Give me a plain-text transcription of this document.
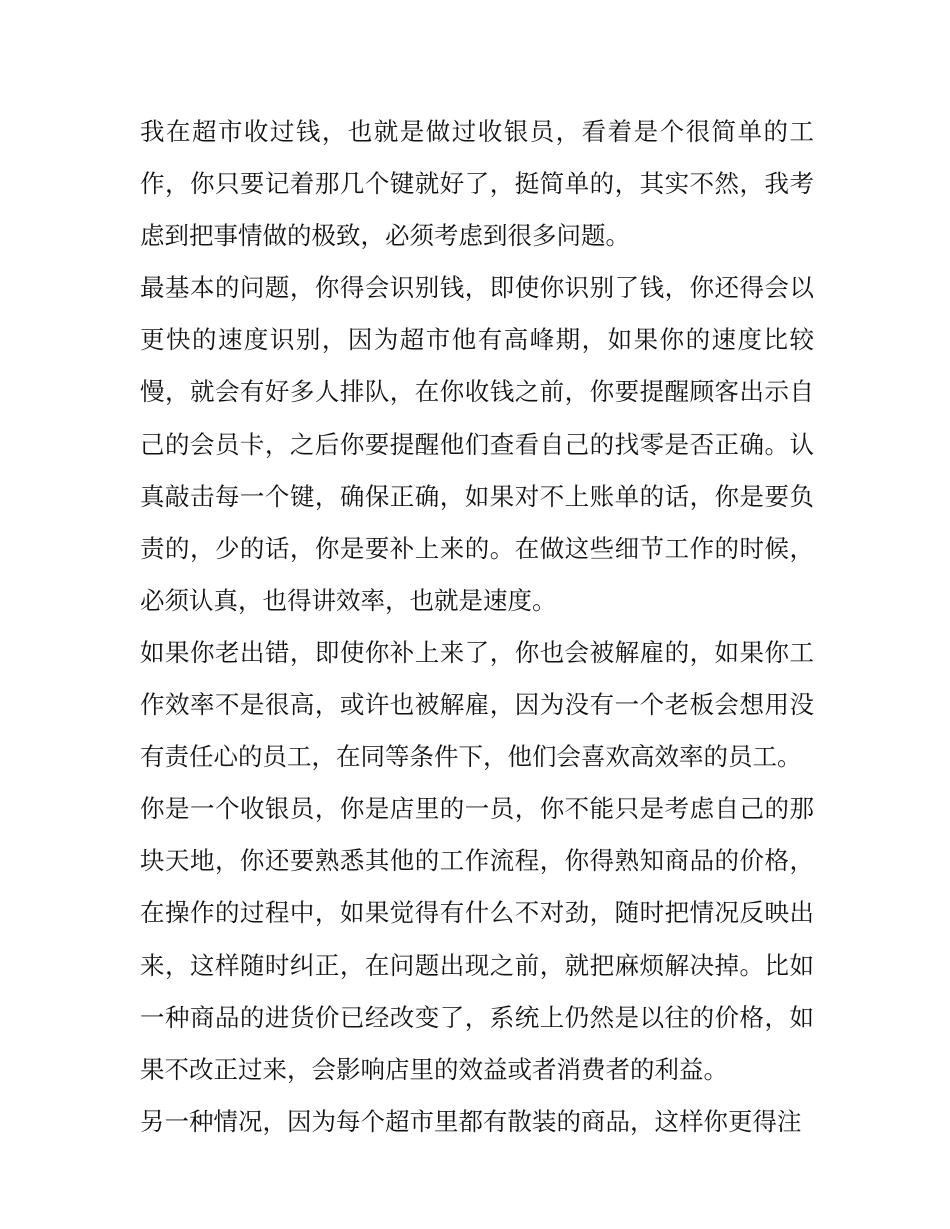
我在超市收过钱，也就是做过收银员，看着是个很简单的工作，你只要记着那几个键就好了，挺简单的，其实不然，我考虑到把事情做的极致，必须考虑到很多问题。

最基本的问题，你得会识别钱，即使你识别了钱，你还得会以更快的速度识别，因为超市他有高峰期，如果你的速度比较慢，就会有好多人排队，在你收钱之前，你要提醒顾客出示自己的会员卡，之后你要提醒他们查看自己的找零是否正确。认真敲击每一个键，确保正确，如果对不上账单的话，你是要负责的，少的话，你是要补上来的。在做这些细节工作的时候，必须认真，也得讲效率，也就是速度。

如果你老出错，即使你补上来了，你也会被解雇的，如果你工作效率不是很高，或许也被解雇，因为没有一个老板会想用没有责任心的员工，在同等条件下，他们会喜欢高效率的员工。

你是一个收银员，你是店里的一员，你不能只是考虑自己的那块天地，你还要熟悉其他的工作流程，你得熟知商品的价格，在操作的过程中，如果觉得有什么不对劲，随时把情况反映出来，这样随时纠正，在问题出现之前，就把麻烦解决掉。比如一种商品的进货价已经改变了，系统上仍然是以往的价格，如果不改正过来，会影响店里的效益或者消费者的利益。

另一种情况，因为每个超市里都有散装的商品，这样你更得注
